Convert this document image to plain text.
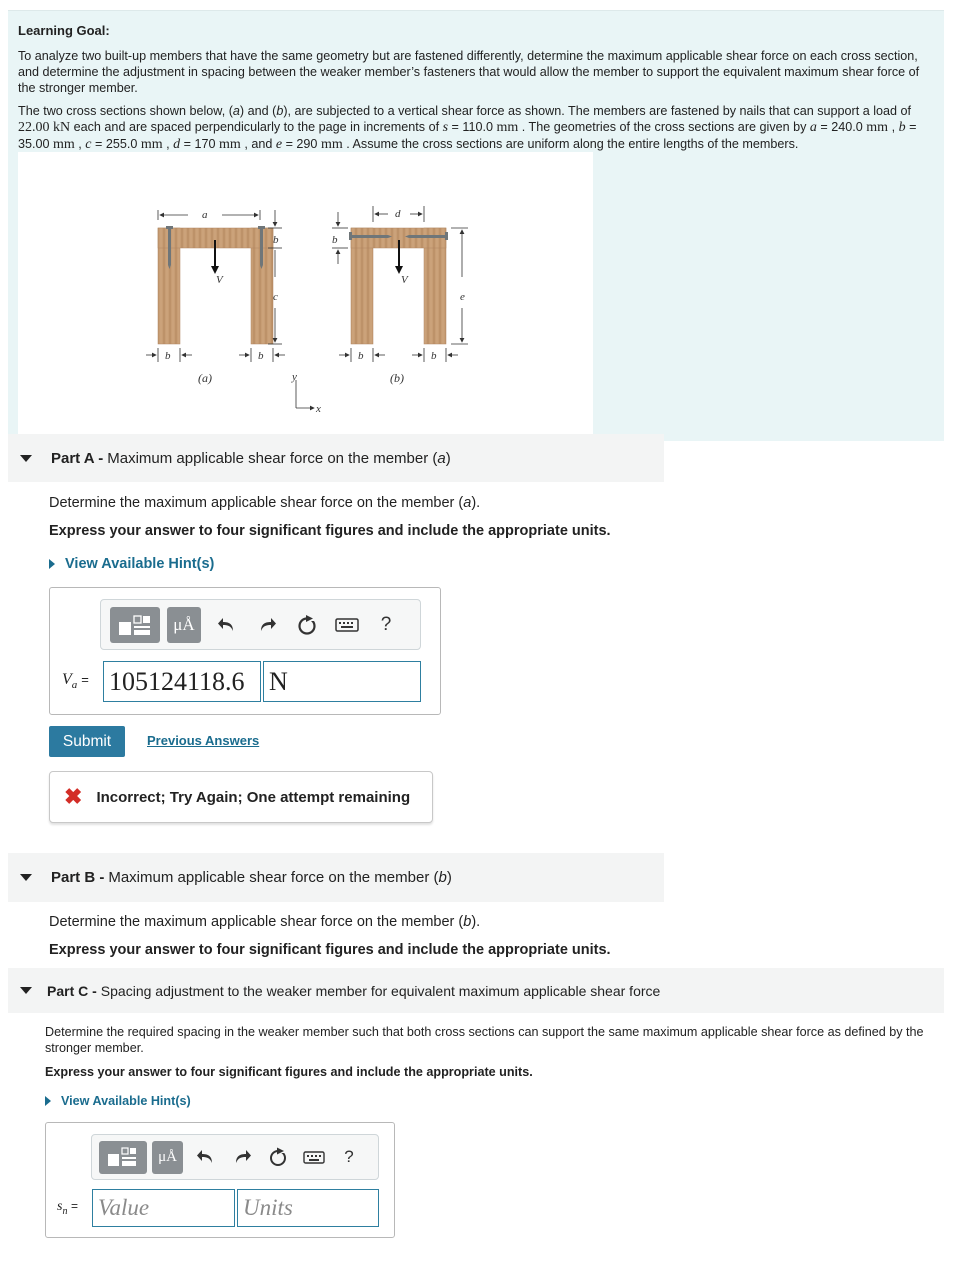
Learning Goal:
To analyze two built-up members that have the same geometry but are fastened differently, determine the maximum applicable shear force on each cross section, and determine the adjustment in spacing between the weaker member’s fasteners that would allow the member to support the equivalent maximum shear force of the stronger member.
The two cross sections shown below, (a) and (b), are subjected to a vertical shear force as shown. The members are fastened by nails that can support a load of 22.00 kN each and are spaced perpendicularly to the page in increments of s = 110.0 mm . The geometries of the cross sections are given by a = 240.0 mm , b = 35.00 mm , c = 255.0 mm , d = 170 mm , and e = 290 mm . Assume the cross sections are uniform along the entire lengths of the members.
V
a
b
c
b	b
(a)
V
d
b
e
b	b
(b)
y
x
Part A - Maximum applicable shear force on the member ( a )
Determine the maximum applicable shear force on the member (a).
Express your answer to four significant figures and include the appropriate units.
View Available Hint(s)
μÅ	?
$V_a = 105124118.6$ N
Submit	Previous Answers
✖ Incorrect; Try Again; One attempt remaining
Part B - Maximum applicable shear force on the member ( b )
Determine the maximum applicable shear force on the member (b).
Express your answer to four significant figures and include the appropriate units.
Part C - Spacing adjustment to the weaker member for equivalent maximum applicable shear force
Determine the required spacing in the weaker member such that both cross sections can support the same maximum applicable shear force as defined by the stronger member.
Express your answer to four significant figures and include the appropriate units.
View Available Hint(s)
μÅ	?
$s_n$ = Value	Units
